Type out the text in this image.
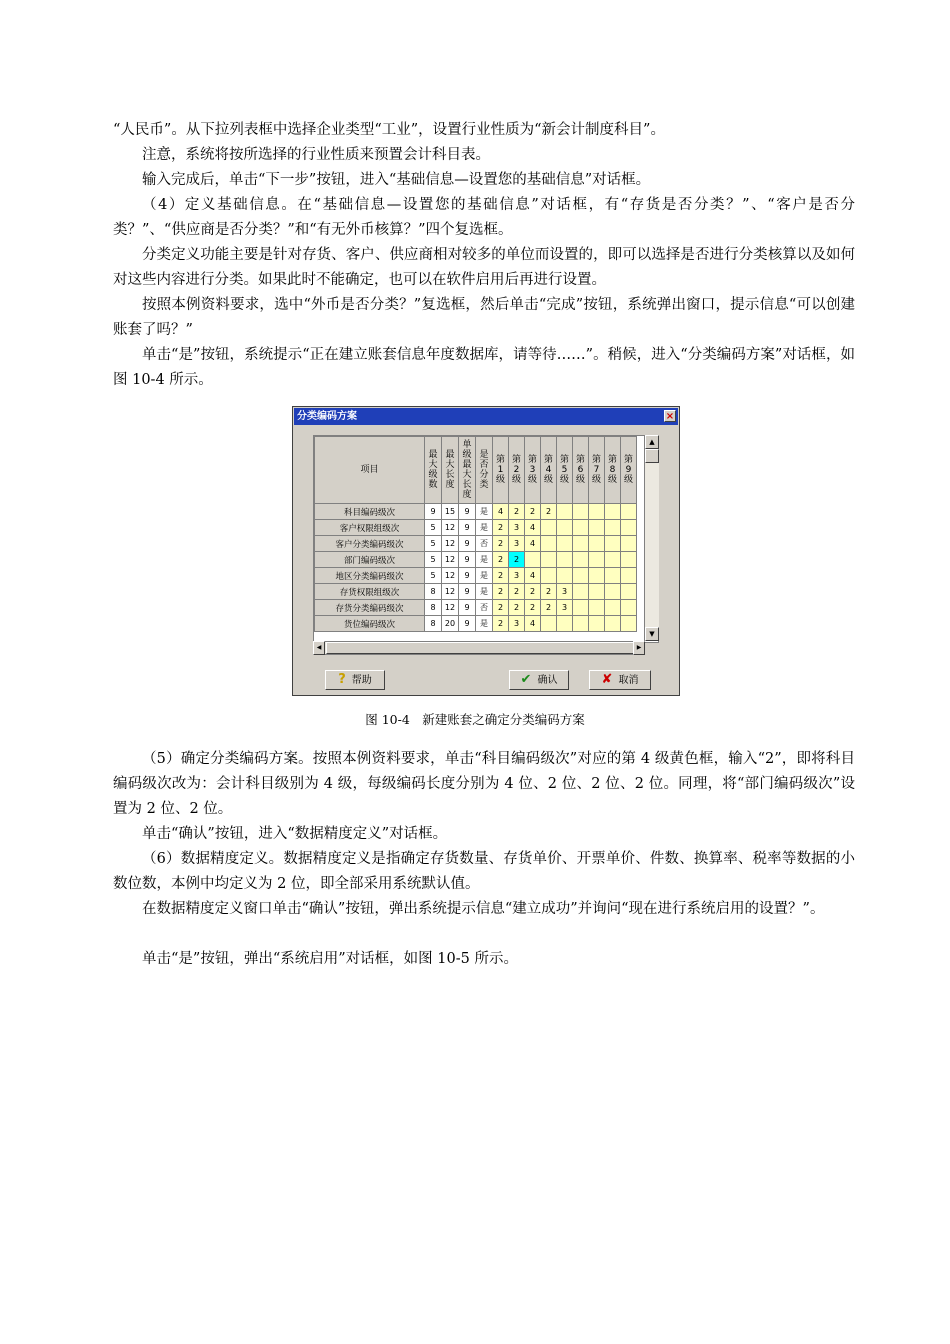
“人民币”。从下拉列表框中选择企业类型“工业”，设置行业性质为“新会计制度科目”。

注意，系统将按所选择的行业性质来预置会计科目表。

输入完成后，单击“下一步”按钮，进入“基础信息—设置您的基础信息”对话框。

（4）定义基础信息。在“基础信息—设置您的基础信息”对话框，有“存货是否分类？”、“客户是否分类？”、“供应商是否分类？”和“有无外币核算？”四个复选框。

分类定义功能主要是针对存货、客户、供应商相对较多的单位而设置的，即可以选择是否进行分类核算以及如何对这些内容进行分类。如果此时不能确定，也可以在软件启用后再进行设置。

按照本例资料要求，选中“外币是否分类？”复选框，然后单击“完成”按钮，系统弹出窗口，提示信息“可以创建账套了吗？”

单击“是”按钮，系统提示“正在建立账套信息年度数据库，请等待……”。稍候，进入“分类编码方案”对话框，如图 10-4 所示。

分类编码方案	×
项目	最大级数	最大长度	单级最大长度	是否分类	第1级	第2级	第3级	第4级	第5级	第6级	第7级	第8级	第9级
科目编码级次	9	15	9	是	4	2	2	2					
客户权限组级次	5	12	9	是	2	3	4						
客户分类编码级次	5	12	9	否	2	3	4						
部门编码级次	5	12	9	是	2	2							
地区分类编码级次	5	12	9	是	2	3	4						
存货权限组级次	8	12	9	是	2	2	2	2	3				
存货分类编码级次	8	12	9	否	2	2	2	2	3				
货位编码级次	8	20	9	是	2	3	4						
▲
▼
◀	▶
? 帮助	✔ 确认	✘ 取消
图 10-4　新建账套之确定分类编码方案

（5）确定分类编码方案。按照本例资料要求，单击“科目编码级次”对应的第 4 级黄色框，输入“2”，即将科目编码级次改为：会计科目级别为 4 级，每级编码长度分别为 4 位、2 位、2 位、2 位。同理，将“部门编码级次”设置为 2 位、2 位。

单击“确认”按钮，进入“数据精度定义”对话框。

（6）数据精度定义。数据精度定义是指确定存货数量、存货单价、开票单价、件数、换算率、税率等数据的小数位数，本例中均定义为 2 位，即全部采用系统默认值。

在数据精度定义窗口单击“确认”按钮，弹出系统提示信息“建立成功”并询问“现在进行系统启用的设置？”。

单击“是”按钮，弹出“系统启用”对话框，如图 10-5 所示。
